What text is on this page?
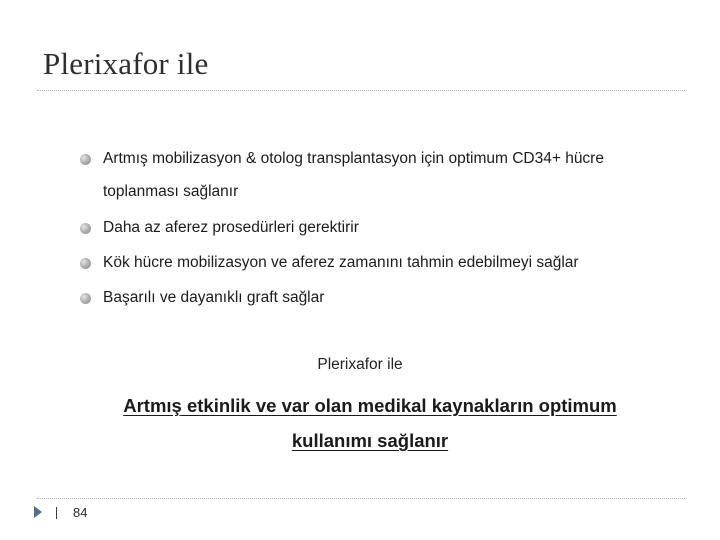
Plerixafor ile
Artmış mobilizasyon & otolog transplantasyon için optimum CD34+ hücre toplanması sağlanır
Daha az aferez prosedürleri gerektirir
Kök hücre mobilizasyon ve aferez zamanını tahmin edebilmeyi sağlar
Başarılı ve dayanıklı graft sağlar
Plerixafor ile
Artmış etkinlik ve var olan medikal kaynakların optimum kullanımı sağlanır
84
